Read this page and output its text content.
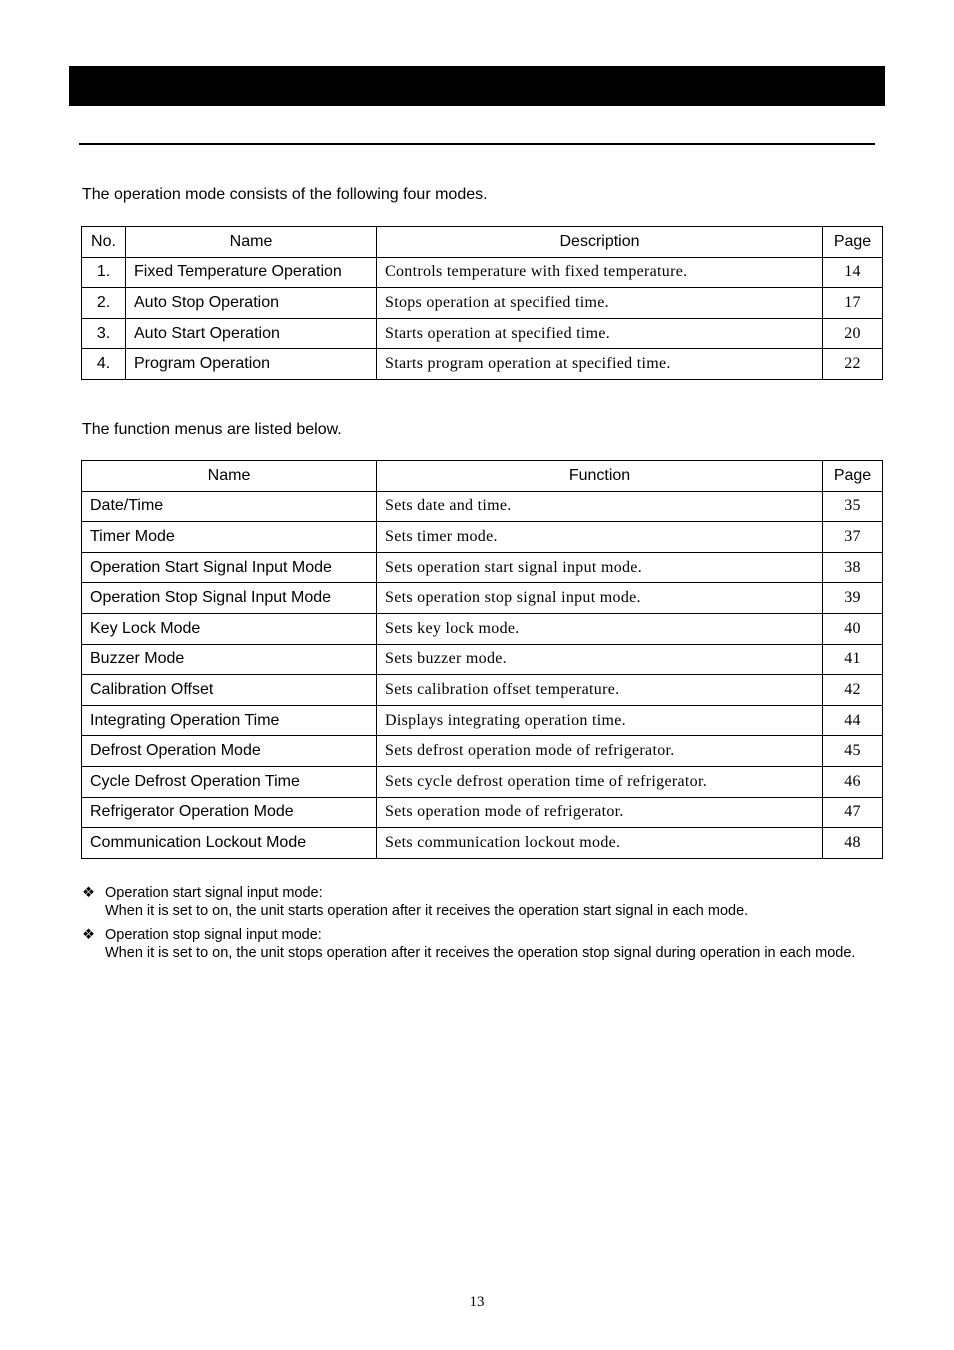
The operation mode consists of the following four modes.
No.	Name	Description	Page
1.	Fixed Temperature Operation	Controls temperature with fixed temperature.	14
2.	Auto Stop Operation	Stops operation at specified time.	17
3.	Auto Start Operation	Starts operation at specified time.	20
4.	Program Operation	Starts program operation at specified time.	22
The function menus are listed below.
Name	Function	Page
Date/Time	Sets date and time.	35
Timer Mode	Sets timer mode.	37
Operation Start Signal Input Mode	Sets operation start signal input mode.	38
Operation Stop Signal Input Mode	Sets operation stop signal input mode.	39
Key Lock Mode	Sets key lock mode.	40
Buzzer Mode	Sets buzzer mode.	41
Calibration Offset	Sets calibration offset temperature.	42
Integrating Operation Time	Displays integrating operation time.	44
Defrost Operation Mode	Sets defrost operation mode of refrigerator.	45
Cycle Defrost Operation Time	Sets cycle defrost operation time of refrigerator.	46
Refrigerator Operation Mode	Sets operation mode of refrigerator.	47
Communication Lockout Mode	Sets communication lockout mode.	48
❖ Operation start signal input mode:
When it is set to on, the unit starts operation after it receives the operation start signal in each mode.
❖ Operation stop signal input mode:
When it is set to on, the unit stops operation after it receives the operation stop signal during operation in each mode.
13
